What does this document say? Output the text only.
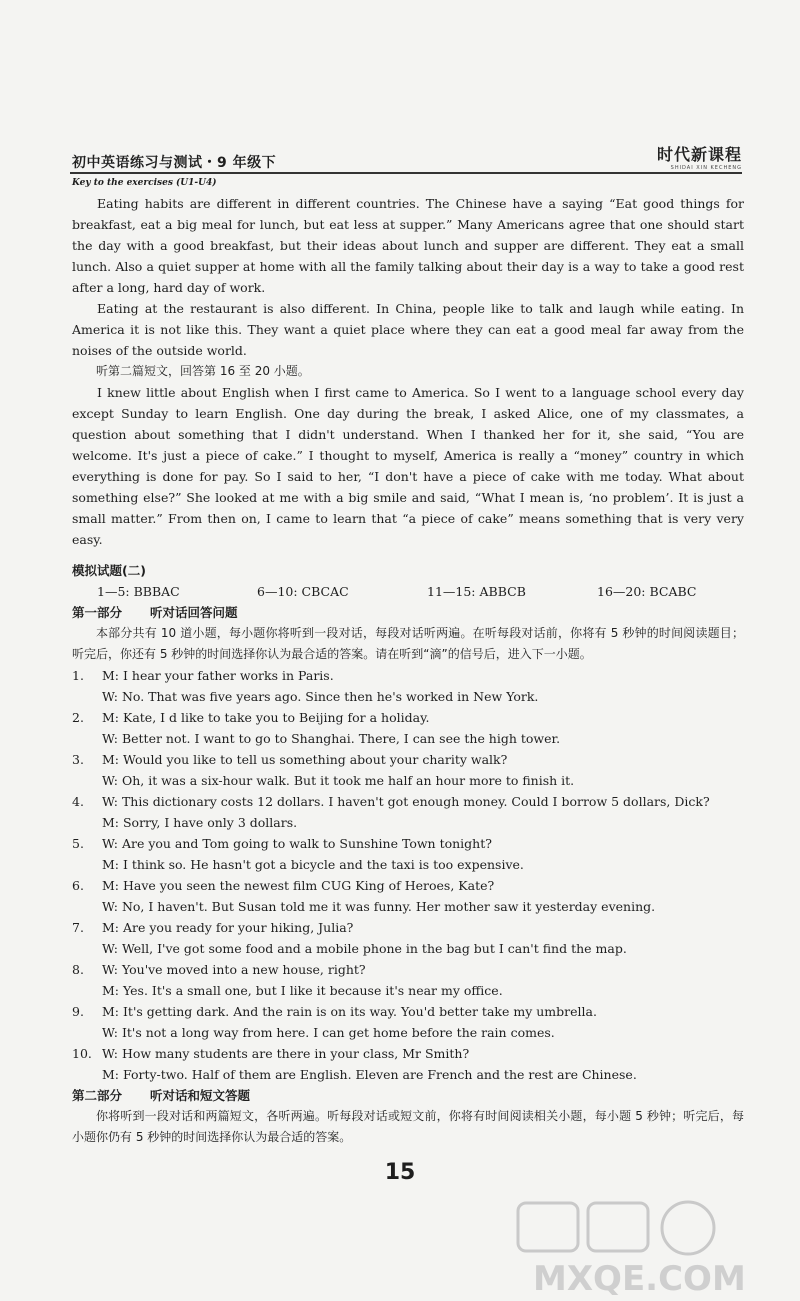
初中英语练习与测试・9 年级下	时代新课程
SHIDAI XIN KECHENG
Key to the exercises (U1-U4)

Eating habits are different in different countries. The Chinese have a saying “Eat good things for breakfast, eat a big meal for lunch, but eat less at supper.” Many Americans agree that one should start the day with a good breakfast, but their ideas about lunch and supper are different. They eat a small lunch. Also a quiet supper at home with all the family talking about their day is a way to take a good rest after a long, hard day of work.

Eating at the restaurant is also different. In China, people like to talk and laugh while eating. In America it is not like this. They want a quiet place where they can eat a good meal far away from the noises of the outside world.

听第二篇短文，回答第 16 至 20 小题。

I knew little about English when I first came to America. So I went to a language school every day except Sunday to learn English. One day during the break, I asked Alice, one of my classmates, a question about something that I didn't understand. When I thanked her for it, she said, “You are welcome. It's just a piece of cake.” I thought to myself, America is really a “money” country in which everything is done for pay. So I said to her, “I don't have a piece of cake with me today. What about something else?” She looked at me with a big smile and said, “What I mean is, ‘no problem’. It is just a small matter.” From then on, I came to learn that “a piece of cake” means something that is very very easy.

模拟试题(二)

1—5: BBBAC	6—10: CBCAC	11—15: ABBCB	16—20: BCABC

第一部分 听对话回答问题

本部分共有 10 道小题，每小题你将听到一段对话，每段对话听两遍。在听每段对话前，你将有 5 秒钟的时间阅读题目；听完后，你还有 5 秒钟的时间选择你认为最合适的答案。请在听到“滴”的信号后，进入下一小题。

1.	M: I hear your father works in Paris.
W: No. That was five years ago. Since then he's worked in New York.

2.	M: Kate, I d like to take you to Beijing for a holiday.
W: Better not. I want to go to Shanghai. There, I can see the high tower.

3.	M: Would you like to tell us something about your charity walk?
W: Oh, it was a six-hour walk. But it took me half an hour more to finish it.

4.	W: This dictionary costs 12 dollars. I haven't got enough money. Could I borrow 5 dollars, Dick?
M: Sorry, I have only 3 dollars.

5.	W: Are you and Tom going to walk to Sunshine Town tonight?
M: I think so. He hasn't got a bicycle and the taxi is too expensive.

6.	M: Have you seen the newest film CUG King of Heroes, Kate?
W: No, I haven't. But Susan told me it was funny. Her mother saw it yesterday evening.

7.	M: Are you ready for your hiking, Julia?
W: Well, I've got some food and a mobile phone in the bag but I can't find the map.

8.	W: You've moved into a new house, right?
M: Yes. It's a small one, but I like it because it's near my office.

9.	M: It's getting dark. And the rain is on its way. You'd better take my umbrella.
W: It's not a long way from here. I can get home before the rain comes.

10. W: How many students are there in your class, Mr Smith?
M: Forty-two. Half of them are English. Eleven are French and the rest are Chinese.

第二部分 听对话和短文答题

你将听到一段对话和两篇短文，各听两遍。听每段对话或短文前，你将有时间阅读相关小题，每小题 5 秒钟；听完后，每小题你仍有 5 秒钟的时间选择你认为最合适的答案。

15
MXQE.COM
